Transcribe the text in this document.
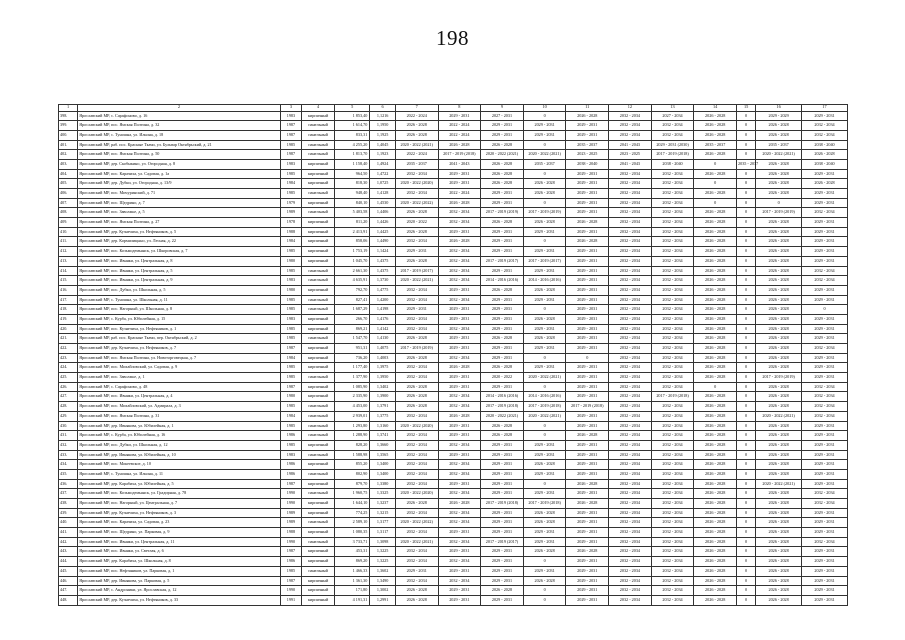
198
1	2	3	4	5	6	7	8	9	10	11	12	13	14	15	16	17
398.	Ярославский МР, с. Сарафоново, д. 16	1983	кирпичный	1 853,40	1,1216	2022 - 2024	2029 - 2031	2027 - 2031	0	2026 - 2028	2032 - 2034	2027 - 2034	2026 - 2028	0	2029 - 2029	2029 - 2031
399.	Ярославский МР, пос. Ямская Полтина, д. 32	1987	панельный	1 614,70	1,1950	2026 - 2028	2022 - 2024	2029 - 2031	2029 - 2031	2029 - 2031	2032 - 2034	2032 - 2034	2026 - 2028	0	2026 - 2028	2032 - 2034
400.	Ярославский МР, с. Туношна, ул. Ильина, д. 18	1987	панельный	833,31	1,1925	2026 - 2028	2022 - 2024	2029 - 2031	2029 - 2031	2029 - 2031	2032 - 2034	2032 - 2034	2026 - 2028	0	2026 - 2028	2032 - 2034
401.	Ярославский МР, раб. пос. Красные Ткачи, ул. Бульвар Октябрьский, д. 21	1985	панельный	4 255,20	1,4045	2020 - 2022 (2021)	2026 - 2028	2026 - 2028	0	2035 - 2037	2041 - 2043	2029 - 2031 (2030)	2035 - 2037	0	2035 - 2037	2038 - 2040
402.	Ярославский МР, пос. Ямская Полтина, д. 50	1987	панельный	1 813,70	1,1923	2022 - 2024	2017 - 2019 (2018)	2020 - 2022 (2021)	2020 - 2022 (2021)	2023 - 2025	2023 - 2025	2017 - 2019 (2018)	2026 - 2028	0	2020 - 2022 (2021)	2026 - 2028
403.	Ярославский МР, дер. Скобыкино, ул. Огородная, д. 8	1983	кирпичный	1 158,40	1,4924	2035 - 2037	2041 - 2043	2026 - 2028	2035 - 2037	2038 - 2040	2041 - 2043	2038 - 2040	0	2035 - 2037	2026 - 2028	2038 - 2040
404.	Ярославский МР, пос. Карачиха, ул. Садовая, д. 1а	1985	кирпичный	964,50	1,4722	2032 - 2034	2029 - 2031	2026 - 2028	0	2029 - 2031	2032 - 2034	2032 - 2034	2026 - 2028	0	2026 - 2028	2029 - 2031
405.	Ярославский МР, дер. Дубки, ул. Огородная, д. 13/9	1984	кирпичный	818,30	1,0725	2020 - 2022 (2020)	2029 - 2031	2026 - 2028	2026 - 2028	2029 - 2031	2032 - 2034	2032 - 2034	0	0	2026 - 2028	2026 - 2028
406.	Ярославский МР, пос. Мичуринский, д. 71	1985	панельный	948,40	1,4128	2032 - 2034	2022 - 2024	2029 - 2031	2026 - 2028	2029 - 2031	2032 - 2034	2032 - 2034	2026 - 2028	0	2026 - 2028	2029 - 2031
407.	Ярославский МР, пос. Щедрино, д. 7	1979	кирпичный	840,10	1,4530	2020 - 2022 (2022)	2026 - 2028	2029 - 2031	0	2029 - 2031	2032 - 2034	2032 - 2034	0	0	0	2029 - 2031
408.	Ярославский МР, пос. Заволжье, д. 5	1989	панельный	5 403,58	1,4406	2026 - 2028	2032 - 2034	2017 - 2019 (2019)	2017 - 2019 (2019)	2029 - 2031	2032 - 2034	2032 - 2034	2026 - 2028	0	2017 - 2019 (2019)	2032 - 2034
409.	Ярославский МР, пос. Ямская Полтина, д. 27	1978	кирпичный	811,20	1,4426	2020 - 2022	2032 - 2034	2026 - 2028	2026 - 2028	2026 - 2028	2032 - 2034	2032 - 2034	2026 - 2028	0	2026 - 2028	2029 - 2031
410.	Ярославский МР, дер. Кузнечиха, ул. Нефтяников, д. 5	1988	кирпичный	2 413,91	1,4425	2026 - 2028	2029 - 2031	2029 - 2031	2029 - 2031	2029 - 2031	2032 - 2034	2032 - 2034	2026 - 2028	0	2026 - 2028	2029 - 2031
411.	Ярославский МР, дер. Кормилицыно, ул. Лесная, д. 22	1984	кирпичный	858,06	1,4490	2032 - 2034	2026 - 2028	2029 - 2031	0	2026 - 2028	2032 - 2034	2032 - 2034	2026 - 2028	0	2026 - 2028	2029 - 2031
412.	Ярославский МР, пос. Козьмодемьянск, ул. Шкоровская, д. 7	1985	кирпичный	1 753,19	1,1424	2029 - 2031	2032 - 2034	2029 - 2031	2029 - 2031	2029 - 2031	2032 - 2034	2032 - 2034	2026 - 2028	0	2026 - 2028	2029 - 2031
413.	Ярославский МР, пос. Ивняки, ул. Центральная, д. 8	1980	кирпичный	1 045,70	1,4375	2026 - 2028	2032 - 2034	2017 - 2019 (2017)	2017 - 2019 (2017)	2029 - 2031	2032 - 2034	2032 - 2034	2026 - 2028	0	2026 - 2028	2029 - 2031
414.	Ярославский МР, пос. Ивняки, ул. Центральная, д. 5	1985	панельный	2 661,30	1,4375	2017 - 2019 (2017)	2032 - 2034	2029 - 2031	2029 - 2031	2029 - 2031	2032 - 2034	2032 - 2034	2026 - 2028	0	2026 - 2028	2032 - 2034
415.	Ярославский МР, пос. Ивняки, ул. Центральная, д. 9	1983	панельный	4 635,91	1,3730	2020 - 2022 (2021)	2032 - 2034	2014 - 2016 (2016)	2014 - 2016 (2016)	2029 - 2031	2032 - 2034	2032 - 2034	2026 - 2028	0	2026 - 2028	2032 - 2034
416.	Ярославский МР, пос. Дубки, ул. Школьная, д. 5	1980	кирпичный	792,70	1,4775	2032 - 2034	2029 - 2031	2026 - 2028	2026 - 2028	2029 - 2031	2032 - 2034	2032 - 2034	2026 - 2028	0	2026 - 2028	2029 - 2031
417.	Ярославский МР, с. Туношна, ул. Школьная, д. 11	1985	панельный	827,41	1,4200	2032 - 2034	2032 - 2034	2029 - 2031	2029 - 2031	2029 - 2031	2032 - 2034	2032 - 2034	2026 - 2028	0	2026 - 2028	2029 - 2031
418.	Ярославский МР, пос. Нагорный, ул. Школьная, д. 8	1985	панельный	1 687,29	1,4198	2029 - 2031	2029 - 2031	2029 - 2031	0	2029 - 2031	2032 - 2034	2032 - 2034	2026 - 2028	0	2026 - 2028	0
419.	Ярославский МР, с. Курба, ул. Юбилейная, д. 15	1983	кирпичный	266,70	1,4176	2032 - 2034	2029 - 2031	2029 - 2031	2026 - 2028	2029 - 2031	2032 - 2034	2032 - 2034	2026 - 2028	0	2026 - 2028	2029 - 2031
420.	Ярославский МР, пос. Кузнечиха, ул. Нефтяников, д. 1	1985	кирпичный	869,21	1,4142	2032 - 2034	2032 - 2034	2029 - 2031	2029 - 2031	2029 - 2031	2032 - 2034	2032 - 2034	2026 - 2028	0	2026 - 2028	2029 - 2031
421.	Ярославский МР, раб. пос. Красные Ткачи, пер. Октябрьский, д. 2	1985	панельный	1 547,70	1,4130	2026 - 2028	2029 - 2031	2026 - 2028	2026 - 2028	2029 - 2031	2032 - 2034	2032 - 2034	2026 - 2028	0	2026 - 2028	2029 - 2031
422.	Ярославский МР, дер. Кузнечиха, ул. Нефтяников, д. 7	1987	кирпичный	951,31	1,4075	2017 - 2019 (2019)	2029 - 2031	2029 - 2031	2029 - 2031	2029 - 2031	2032 - 2034	2032 - 2034	2026 - 2028	0	2026 - 2028	2032 - 2034
423.	Ярославский МР, пос. Ямская Полтина, ул. Новоторговецкая, д. 7	1984	кирпичный	736,20	1,4003	2026 - 2028	2032 - 2034	2029 - 2031	0	0	2032 - 2034	2032 - 2034	2026 - 2028	0	2026 - 2028	2029 - 2031
424.	Ярославский МР, пос. Михайловский, ул. Садовая, д. 9	1985	кирпичный	1 177,40	1,3975	2032 - 2034	2026 - 2028	2026 - 2028	2029 - 2031	2029 - 2031	2032 - 2034	2032 - 2034	2026 - 2028	0	2026 - 2028	2029 - 2031
425.	Ярославский МР, пос. Заволжье, д. 1	1985	панельный	1 377,90	1,3950	2032 - 2034	2029 - 2031	2020 - 2022	2020 - 2022 (2021)	2029 - 2031	2032 - 2034	2032 - 2034	2026 - 2028	0	2017 - 2019 (2019)	2029 - 2031
426.	Ярославский МР, с. Сарафоново, д. 48	1987	кирпичный	1 085,90	1,3402	2026 - 2028	2029 - 2031	2029 - 2031	0	2029 - 2031	2032 - 2034	2032 - 2034	0	0	2026 - 2028	2032 - 2034
427.	Ярославский МР, пос. Ивняки, ул. Центральная, д. 4	1980	кирпичный	2 335,90	1,3900	2026 - 2028	2032 - 2034	2014 - 2016 (2016)	2014 - 2016 (2016)	2029 - 2031	2032 - 2034	2017 - 2019 (2018)	2026 - 2028	0	2026 - 2028	2032 - 2034
428.	Ярославский МР, пос. Михайловский, ул. Адмирала, д. 3	1985	панельный	4 453,00	1,3791	2026 - 2028	2032 - 2034	2017 - 2019 (2018)	2017 - 2019 (2018)	2017 - 2019 (2018)	2032 - 2034	2032 - 2034	2026 - 2028	0	2026 - 2028	2032 - 2034
429.	Ярославский МР, пос. Ямская Полтина, д. 31	1984	панельный	2 939,01	1,3775	2032 - 2034	2026 - 2028	2020 - 2022 (2021)	2020 - 2022 (2021)	2029 - 2031	2032 - 2034	2032 - 2034	2026 - 2028	0	2020 - 2022 (2021)	2032 - 2034
430.	Ярославский МР, дер. Ивнякова, ул. Юбилейная, д. 1	1985	панельный	1 293,80	1,3160	2020 - 2022 (2020)	2029 - 2031	2026 - 2028	0	2029 - 2031	2032 - 2034	2032 - 2034	2026 - 2028	0	2026 - 2028	2029 - 2031
431.	Ярославский МР, с. Курба, ул. Юбилейная, д. 16	1986	панельный	1 288,90	1,3741	2032 - 2034	2029 - 2031	2026 - 2028	0	2026 - 2028	2032 - 2034	2032 - 2034	2026 - 2028	0	2026 - 2028	2029 - 2031
432.	Ярославский МР, пос. Дубки, ул. Школьная, д. 12	1985	кирпичный	828,20	1,3660	2032 - 2034	2032 - 2034	2029 - 2031	2029 - 2031	2029 - 2031	2032 - 2034	2032 - 2034	2026 - 2028	0	2026 - 2028	2029 - 2031
433.	Ярославский МР, дер. Ивнякова, ул. Юбилейная, д. 10	1983	панельный	1 588,98	1,3565	2032 - 2034	2029 - 2031	2029 - 2031	2029 - 2031	2029 - 2031	2032 - 2034	2032 - 2034	2026 - 2028	0	2026 - 2028	2029 - 2031
434.	Ярославский МР, пос. Мокеевское, д. 10	1986	кирпичный	855,20	1,3400	2032 - 2034	2032 - 2034	2029 - 2031	2026 - 2028	2029 - 2031	2032 - 2034	2032 - 2034	2026 - 2028	0	2026 - 2028	2029 - 2031
435.	Ярославский МР, с. Туношна, ул. Ильина, д. 11	1986	панельный	802,90	1,3400	2032 - 2034	2032 - 2034	2029 - 2031	2029 - 2031	2029 - 2031	2032 - 2034	2032 - 2034	2026 - 2028	0	2026 - 2028	2029 - 2031
436.	Ярославский МР, дер. Карабиха, ул. Юбилейная, д. 5	1987	кирпичный	879,70	1,3380	2032 - 2034	2029 - 2031	2029 - 2031	0	2026 - 2028	2032 - 2034	2032 - 2034	2026 - 2028	0	2020 - 2022 (2021)	2029 - 2031
437.	Ярославский МР, пос. Козьмодемьянск, ул. Градирная, д. 78	1990	панельный	1 960,75	1,3325	2020 - 2022 (2020)	2032 - 2034	2029 - 2031	2029 - 2031	2029 - 2031	2032 - 2034	2032 - 2034	2026 - 2028	0	2026 - 2028	2032 - 2034
438.	Ярославский МР, пос. Нагорный, ул. Центральная, д. 7	1990	кирпичный	1 644,10	1,3237	2026 - 2028	2026 - 2028	2017 - 2019 (2018)	2017 - 2019 (2018)	2026 - 2028	2032 - 2034	2032 - 2034	2026 - 2028	0	2026 - 2028	2032 - 2034
439.	Ярославский МР, дер. Кузнечиха, ул. Нефтяников, д. 3	1989	кирпичный	774,25	1,3215	2032 - 2034	2032 - 2034	2029 - 2031	2026 - 2028	2029 - 2031	2032 - 2034	2032 - 2034	2026 - 2028	0	2026 - 2028	2029 - 2031
440.	Ярославский МР, пос. Карачиха, ул. Садовая, д. 23	1989	панельный	2 589,10	1,3177	2020 - 2022 (2022)	2032 - 2034	2029 - 2031	2026 - 2028	2029 - 2031	2032 - 2034	2032 - 2034	2026 - 2028	0	2026 - 2028	2029 - 2031
441.	Ярославский МР, пос. Щедрино, ул. Парковая, д. 9	1988	кирпичный	1 080,35	1,3117	2032 - 2034	2029 - 2031	2029 - 2031	2029 - 2031	2029 - 2031	2032 - 2034	2032 - 2034	2026 - 2028	0	2026 - 2028	2029 - 2031
442.	Ярославский МР, пос. Ивняки, ул. Центральная, д. 11	1990	панельный	3 733,71	1,3098	2020 - 2022 (2021)	2032 - 2034	2017 - 2019 (2017)	2029 - 2031	2029 - 2031	2032 - 2034	2032 - 2034	2026 - 2028	0	2026 - 2028	2032 - 2034
443.	Ярославский МР, пос. Ивняки, ул. Светлая, д. 6	1987	кирпичный	453,31	1,3225	2032 - 2034	2029 - 2031	2029 - 2031	2026 - 2028	2026 - 2028	2032 - 2034	2032 - 2034	2026 - 2028	0	2026 - 2028	2029 - 2031
444.	Ярославский МР, дер. Карабиха, ул. Школьная, д. 8	1986	кирпичный	869,20	1,3225	2032 - 2034	2032 - 2034	2029 - 2031	0	2029 - 2031	2032 - 2034	2032 - 2034	2026 - 2028	0	2026 - 2028	2029 - 2031
445.	Ярославский МР, пос. Нефтяников, ул. Парковая, д. 1	1985	панельный	1 466,33	1,3602	2029 - 2031	2029 - 2031	2029 - 2031	2029 - 2031	2029 - 2031	2032 - 2034	2032 - 2034	2026 - 2028	0	2026 - 2028	2029 - 2031
446.	Ярославский МР, дер. Ивнякова, ул. Парковая, д. 5	1987	кирпичный	1 361,30	1,3490	2032 - 2034	2032 - 2034	2029 - 2031	2026 - 2028	2029 - 2031	2032 - 2034	2032 - 2034	2026 - 2028	0	2026 - 2028	2029 - 2031
447.	Ярославский МР, с. Андроники, ул. Ярославская, д. 12	1990	кирпичный	171,80	1,3002	2026 - 2028	2029 - 2031	2026 - 2028	0	2029 - 2031	2032 - 2034	2032 - 2034	2026 - 2028	0	2026 - 2028	2029 - 2031
448.	Ярославский МР, дер. Кузнечиха, ул. Нефтяников, д. 33	1991	кирпичный	4 191,31	1,2991	2026 - 2028	2029 - 2031	2029 - 2031	0	2029 - 2031	2032 - 2034	2032 - 2034	2026 - 2028	0	2026 - 2028	2029 - 2031
